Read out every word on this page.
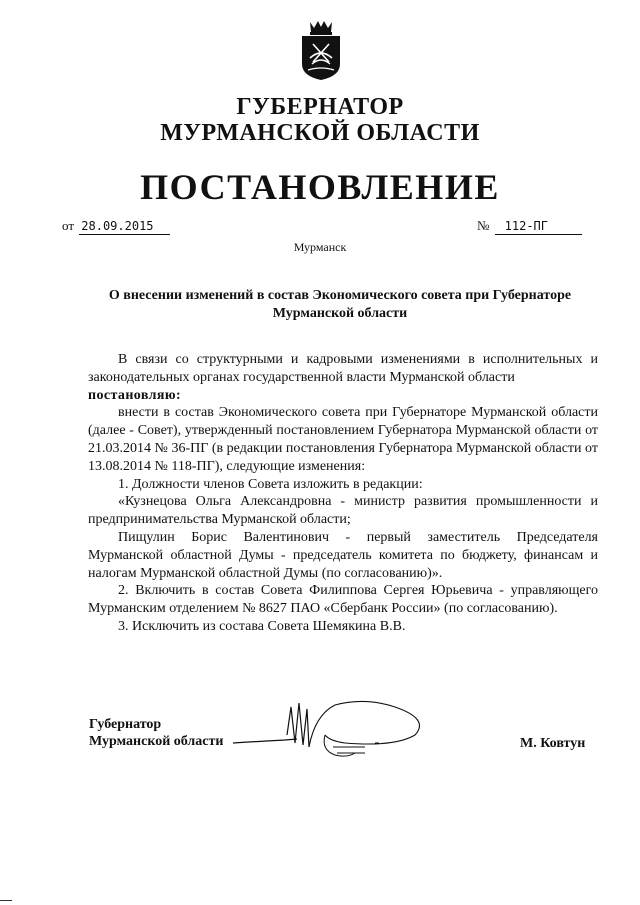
ГУБЕРНАТОР
МУРМАНСКОЙ ОБЛАСТИ
ПОСТАНОВЛЕНИЕ
от 28.09.2015	№ 112-ПГ
Мурманск
О внесении изменений в состав Экономического совета при Губернаторе
Мурманской области

В связи со структурными и кадровыми изменениями в исполнительных и законодательных органах государственной власти Мурманской области

постановляю:

внести в состав Экономического совета при Губернаторе Мурманской области (далее - Совет), утвержденный постановлением Губернатора Мурманской области от 21.03.2014 № 36-ПГ (в редакции постановления Губернатора Мурманской области от 13.08.2014 № 118-ПГ), следующие изменения:

1. Должности членов Совета изложить в редакции:

«Кузнецова Ольга Александровна - министр развития промышленности и предпринимательства Мурманской области;

Пищулин Борис Валентинович - первый заместитель Председателя Мурманской областной Думы - председатель комитета по бюджету, финансам и налогам Мурманской областной Думы (по согласованию)».

2. Включить в состав Совета Филиппова Сергея Юрьевича - управляющего Мурманским отделением № 8627 ПАО «Сбербанк России» (по согласованию).

3. Исключить из состава Совета Шемякина В.В.

Губернатор
Мурманской области	М. Ковтун
